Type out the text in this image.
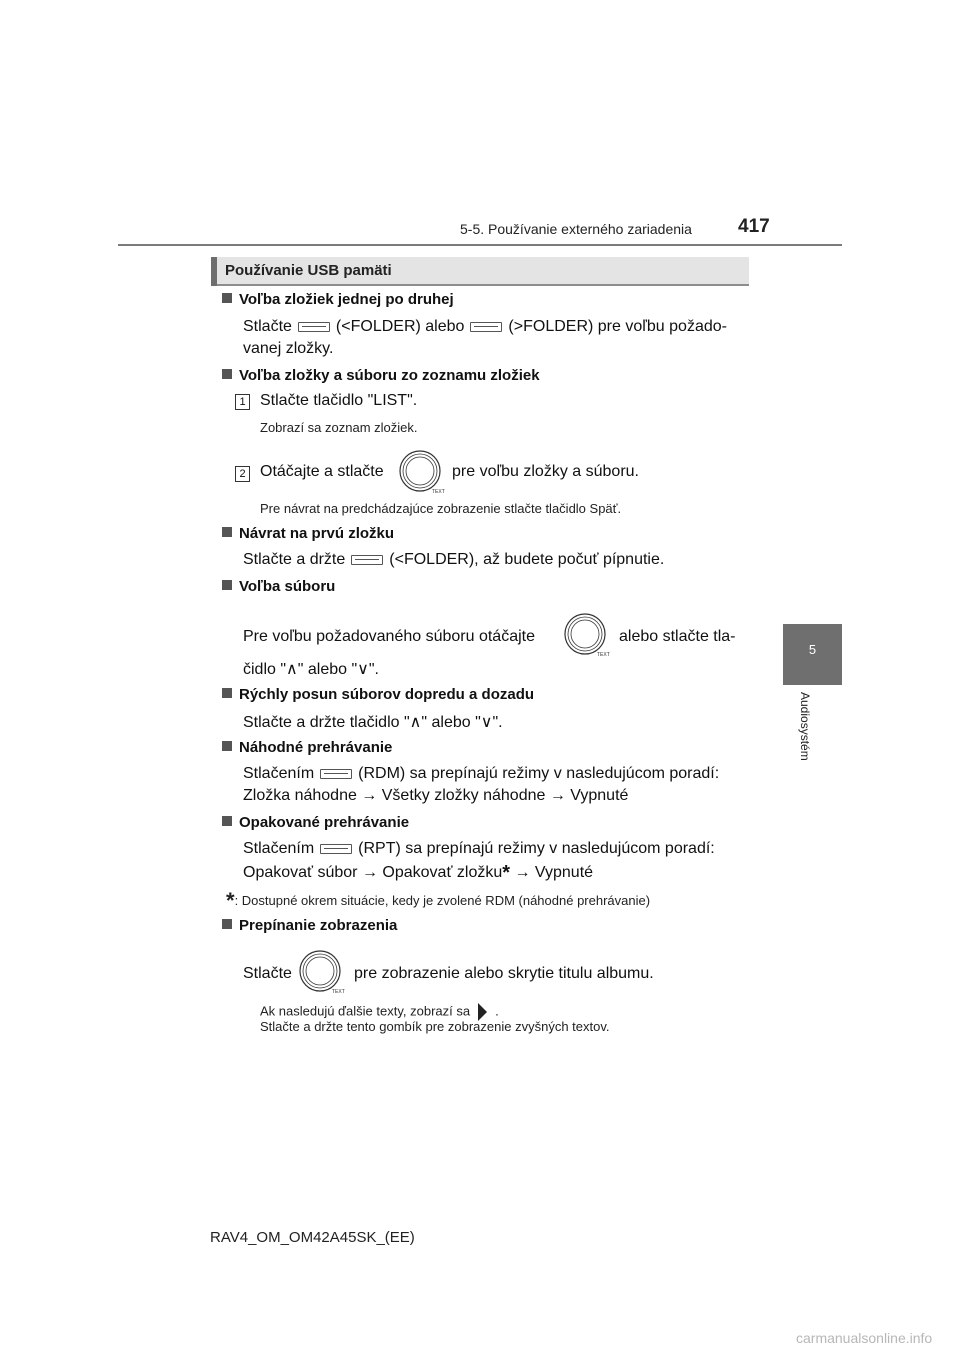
5-5. Používanie externého zariadenia 417
5
Audiosystém
Používanie USB pamäti
Voľba zložiek jednej po druhej
Stlačte	(<FOLDER) alebo	(>FOLDER) pre voľbu požado-
vanej zložky.
Voľba zložky a súboru zo zoznamu zložiek
1 Stlačte tlačidlo "LIST".
Zobrazí sa zoznam zložiek.
2 Otáčajte a stlačte
TEXT
pre voľbu zložky a súboru.
Pre návrat na predchádzajúce zobrazenie stlačte tlačidlo Späť.
Návrat na prvú zložku
Stlačte a držte	(<FOLDER), až budete počuť pípnutie.
Voľba súboru
Pre voľbu požadovaného súboru otáčajte
TEXT
alebo stlačte tla-
čidlo "∧" alebo "∨".
Rýchly posun súborov dopredu a dozadu
Stlačte a držte tlačidlo "∧" alebo "∨".
Náhodné prehrávanie
Stlačením	(RDM) sa prepínajú režimy v nasledujúcom poradí:
Zložka náhodne → Všetky zložky náhodne → Vypnuté
Opakované prehrávanie
Stlačením	(RPT) sa prepínajú režimy v nasledujúcom poradí:
Opakovať súbor → Opakovať zložku* → Vypnuté
*: Dostupné okrem situácie, kedy je zvolené RDM (náhodné prehrávanie)
Prepínanie zobrazenia
Stlačte
TEXT
pre zobrazenie alebo skrytie titulu albumu.
Ak nasledujú ďalšie texty, zobrazí sa .
Stlačte a držte tento gombík pre zobrazenie zvyšných textov.
RAV4_OM_OM42A45SK_(EE)
carmanualsonline.info
